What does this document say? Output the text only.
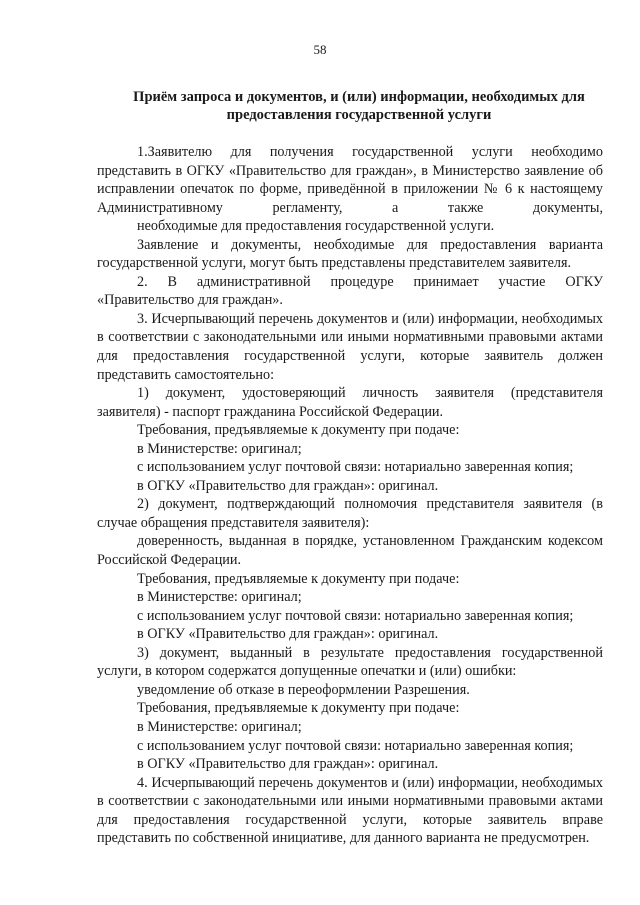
58
Приём запроса и документов, и (или) информации, необходимых для
предоставления государственной услуги

1.Заявителю для получения государственной услуги необходимо представить в ОГКУ «Правительство для граждан», в Министерство заявление об исправлении опечаток по форме, приведённой в приложении № 6 к настоящему Административному регламенту, а также документы,

необходимые для предоставления государственной услуги.

Заявление и документы, необходимые для предоставления варианта государственной услуги, могут быть представлены представителем заявителя.

2. В административной процедуре принимает участие ОГКУ «Правительство для граждан».

3. Исчерпывающий перечень документов и (или) информации, необходимых в соответствии с законодательными или иными нормативными правовыми актами для предоставления государственной услуги, которые заявитель должен представить самостоятельно:

1) документ, удостоверяющий личность заявителя (представителя заявителя) - паспорт гражданина Российской Федерации.

Требования, предъявляемые к документу при подаче:

в Министерстве: оригинал;

с использованием услуг почтовой связи: нотариально заверенная копия;

в ОГКУ «Правительство для граждан»: оригинал.

2) документ, подтверждающий полномочия представителя заявителя (в случае обращения представителя заявителя):

доверенность, выданная в порядке, установленном Гражданским кодексом Российской Федерации.

Требования, предъявляемые к документу при подаче:

в Министерстве: оригинал;

с использованием услуг почтовой связи: нотариально заверенная копия;

в ОГКУ «Правительство для граждан»: оригинал.

3) документ, выданный в результате предоставления государственной услуги, в котором содержатся допущенные опечатки и (или) ошибки:

уведомление об отказе в переоформлении Разрешения.

Требования, предъявляемые к документу при подаче:

в Министерстве: оригинал;

с использованием услуг почтовой связи: нотариально заверенная копия;

в ОГКУ «Правительство для граждан»: оригинал.

4. Исчерпывающий перечень документов и (или) информации, необходимых в соответствии с законодательными или иными нормативными правовыми актами для предоставления государственной услуги, которые заявитель вправе представить по собственной инициативе, для данного варианта не предусмотрен.
